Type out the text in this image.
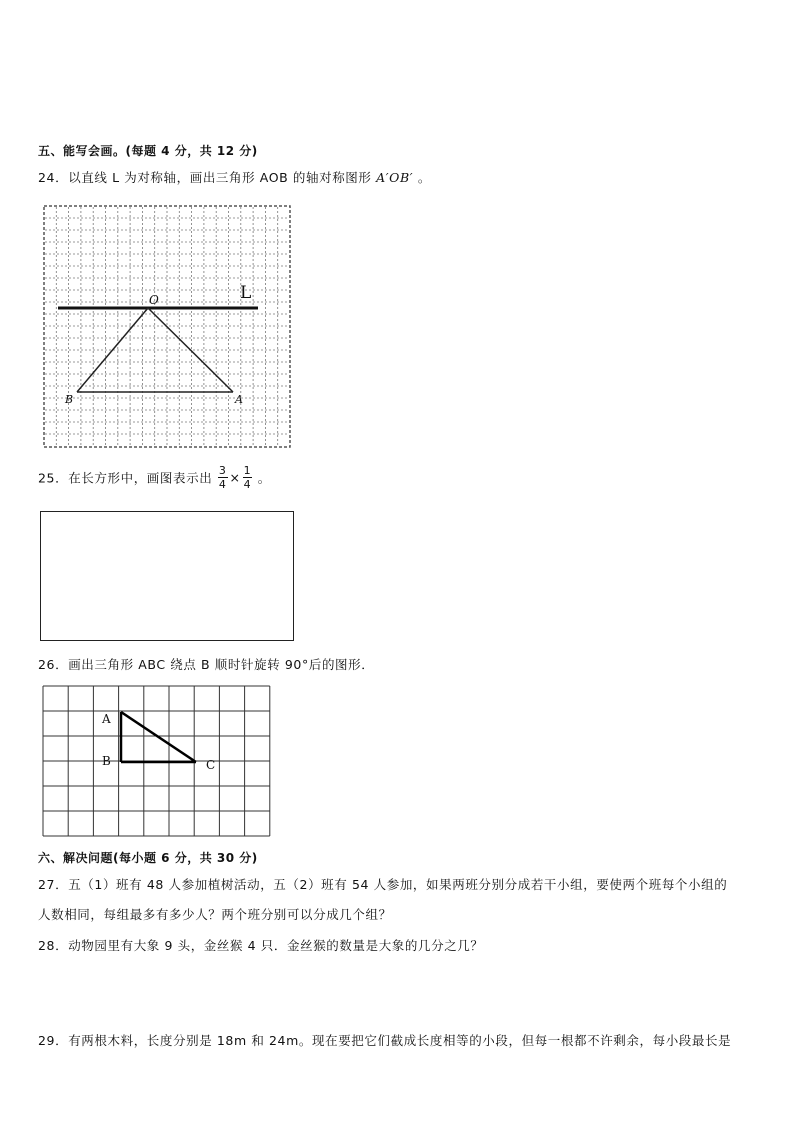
五、能写会画。(每题 4 分，共 12 分)
24．以直线 L 为对称轴，画出三角形 AOB 的轴对称图形 A′OB′ 。
L
O
B	A
25．在长方形中，画图表示出 $\frac{3}{4} \times \frac{1}{4}$ 。
26．画出三角形 ABC 绕点 B 顺时针旋转 90°后的图形．
A
B	C
六、解决问题(每小题 6 分，共 30 分)
27．五（1）班有 48 人参加植树活动，五（2）班有 54 人参加，如果两班分别分成若干小组，要使两个班每个小组的
人数相同，每组最多有多少人？两个班分别可以分成几个组？
28．动物园里有大象 9 头，金丝猴 4 只．金丝猴的数量是大象的几分之几？
29．有两根木料，长度分别是 18m 和 24m。现在要把它们截成长度相等的小段，但每一根都不许剩余，每小段最长是
